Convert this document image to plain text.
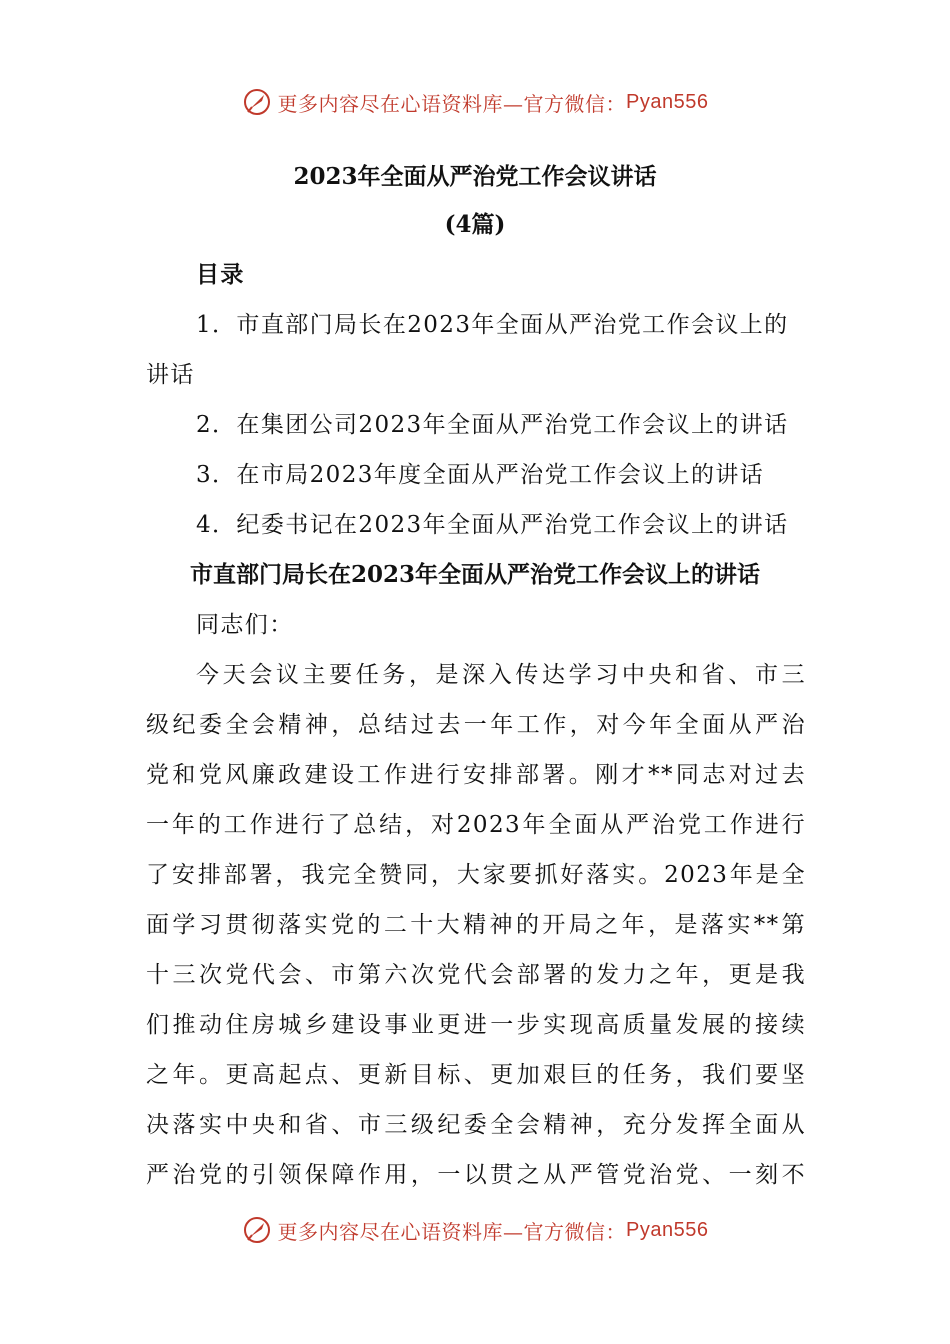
更多内容尽在心语资料库—官方微信： Pyan556
2023年全面从严治党工作会议讲话
(4篇)
目录
1．市直部门局长在2023年全面从严治党工作会议上的
讲话
2．在集团公司2023年全面从严治党工作会议上的讲话
3．在市局2023年度全面从严治党工作会议上的讲话
4．纪委书记在2023年全面从严治党工作会议上的讲话
市直部门局长在2023年全面从严治党工作会议上的讲话
同志们：
今天会议主要任务，是深入传达学习中央和省、市三
级纪委全会精神，总结过去一年工作，对今年全面从严治
党和党风廉政建设工作进行安排部署。刚才**同志对过去
一年的工作进行了总结，对2023年全面从严治党工作进行
了安排部署，我完全赞同，大家要抓好落实。2023年是全
面学习贯彻落实党的二十大精神的开局之年，是落实**第
十三次党代会、市第六次党代会部署的发力之年，更是我
们推动住房城乡建设事业更进一步实现高质量发展的接续
之年。更高起点、更新目标、更加艰巨的任务，我们要坚
决落实中央和省、市三级纪委全会精神，充分发挥全面从
严治党的引领保障作用，一以贯之从严管党治党、一刻不
更多内容尽在心语资料库—官方微信： Pyan556
